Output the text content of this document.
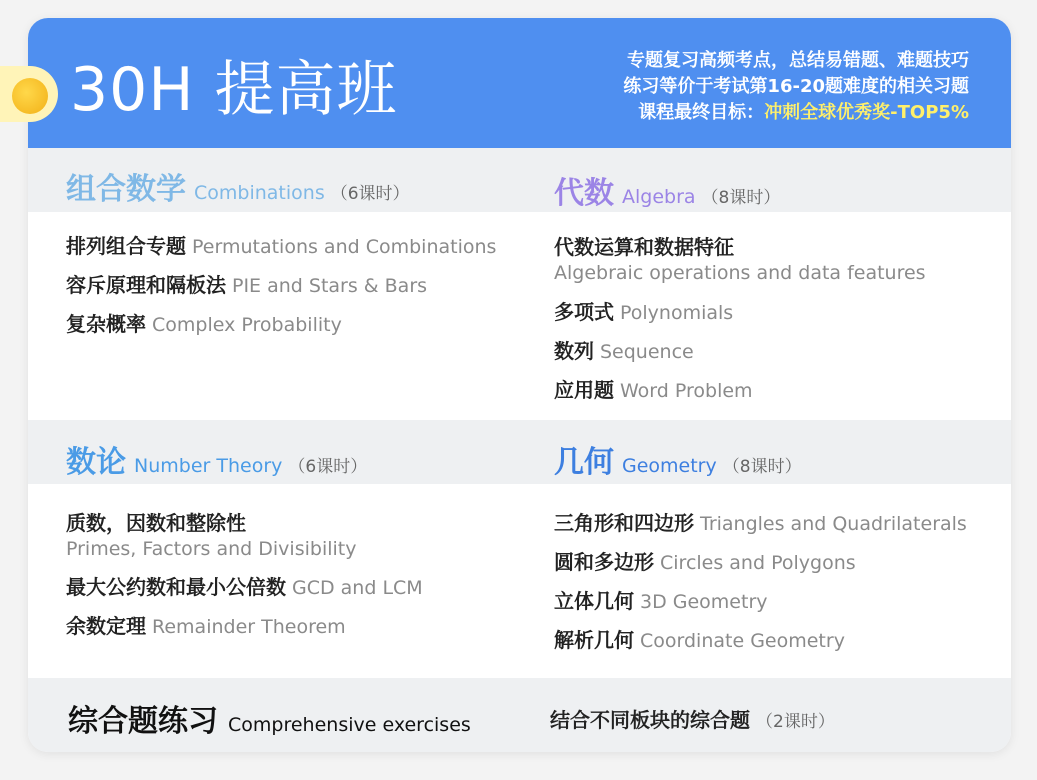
30H 提高班	专题复习高频考点，总结易错题、难题技巧
练习等价于考试第16-20题难度的相关习题
课程最终目标：冲刺全球优秀奖-TOP5%
组合数学 Combinations （6课时）	代数 Algebra （8课时）
排列组合专题 Permutations and Combinations
容斥原理和隔板法 PIE and Stars & Bars
复杂概率 Complex Probability
代数运算和数据特征
Algebraic operations and data features
多项式 Polynomials
数列 Sequence
应用题 Word Problem
数论 Number Theory （6课时）	几何 Geometry （8课时）
质数，因数和整除性
Primes, Factors and Divisibility
最大公约数和最小公倍数 GCD and LCM
余数定理 Remainder Theorem
三角形和四边形 Triangles and Quadrilaterals
圆和多边形 Circles and Polygons
立体几何 3D Geometry
解析几何 Coordinate Geometry
综合题练习 Comprehensive exercises	结合不同板块的综合题 （2课时）
